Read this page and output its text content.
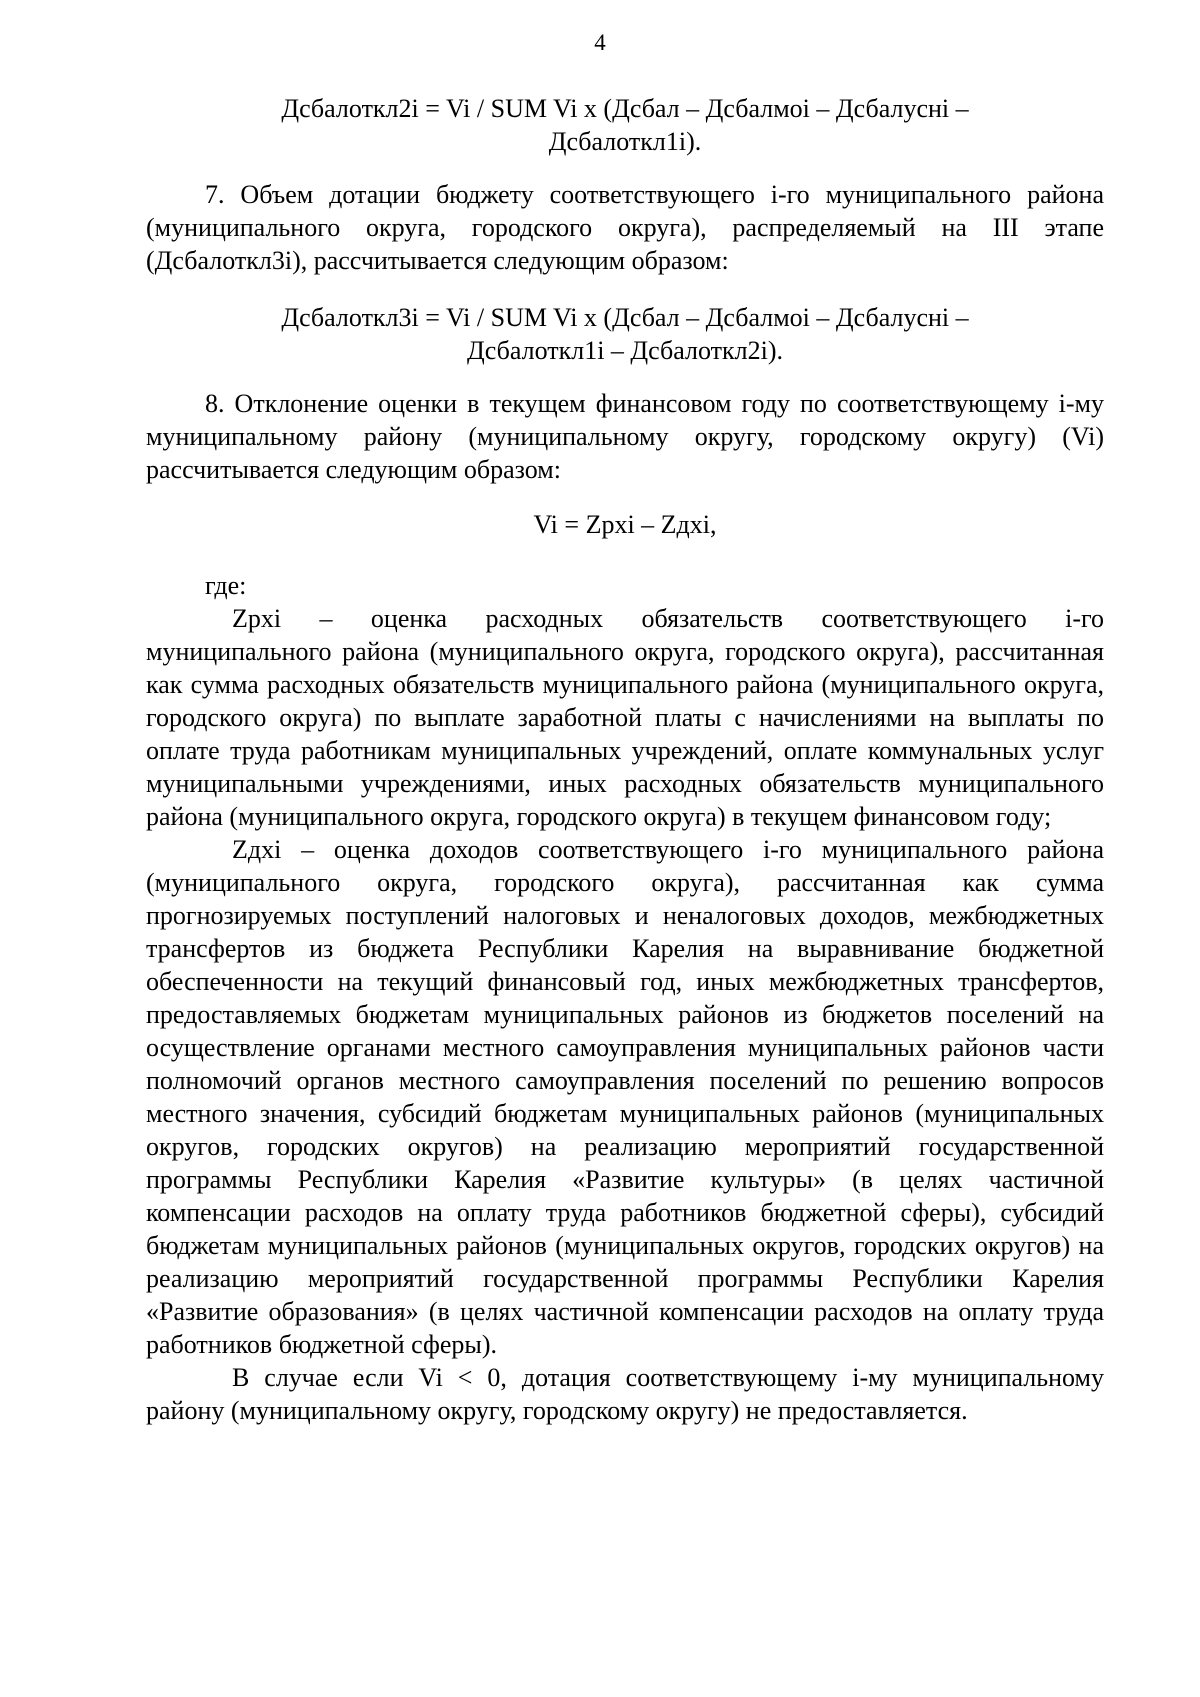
4

Дсбалоткл2i = Vi / SUM Vi x (Дсбал – Дсбалмоi – Дсбалуснi –
Дсбалоткл1i).

7. Объем дотации бюджету соответствующего i-го муниципального района (муниципального округа, городского округа), распределяемый на III этапе (Дсбалоткл3i), рассчитывается следующим образом:

Дсбалоткл3i = Vi / SUM Vi x (Дсбал – Дсбалмоi – Дсбалуснi –
Дсбалоткл1i – Дсбалоткл2i).

8. Отклонение оценки в текущем финансовом году по соответствующему i-му муниципальному району (муниципальному округу, городскому округу) (Vi) рассчитывается следующим образом:

Vi = Zрxi – Zдxi,

где:

Zрxi – оценка расходных обязательств соответствующего i-го муниципального района (муниципального округа, городского округа), рассчитанная как сумма расходных обязательств муниципального района (муниципального округа, городского округа) по выплате заработной платы с начислениями на выплаты по оплате труда работникам муниципальных учреждений, оплате коммунальных услуг муниципальными учреждениями, иных расходных обязательств муниципального района (муниципального округа, городского округа) в текущем финансовом году;

Zдxi – оценка доходов соответствующего i-го муниципального района (муниципального округа, городского округа), рассчитанная как сумма прогнозируемых поступлений налоговых и неналоговых доходов, межбюджетных трансфертов из бюджета Республики Карелия на выравнивание бюджетной обеспеченности на текущий финансовый год, иных межбюджетных трансфертов, предоставляемых бюджетам муниципальных районов из бюджетов поселений на осуществление органами местного самоуправления муниципальных районов части полномочий органов местного самоуправления поселений по решению вопросов местного значения, субсидий бюджетам муниципальных районов (муниципальных округов, городских округов) на реализацию мероприятий государственной программы Республики Карелия «Развитие культуры» (в целях частичной компенсации расходов на оплату труда работников бюджетной сферы), субсидий бюджетам муниципальных районов (муниципальных округов, городских округов) на реализацию мероприятий государственной программы Республики Карелия «Развитие образования» (в целях частичной компенсации расходов на оплату труда работников бюджетной сферы).

В случае если Vi < 0, дотация соответствующему i-му муниципальному району (муниципальному округу, городскому округу) не предоставляется.
